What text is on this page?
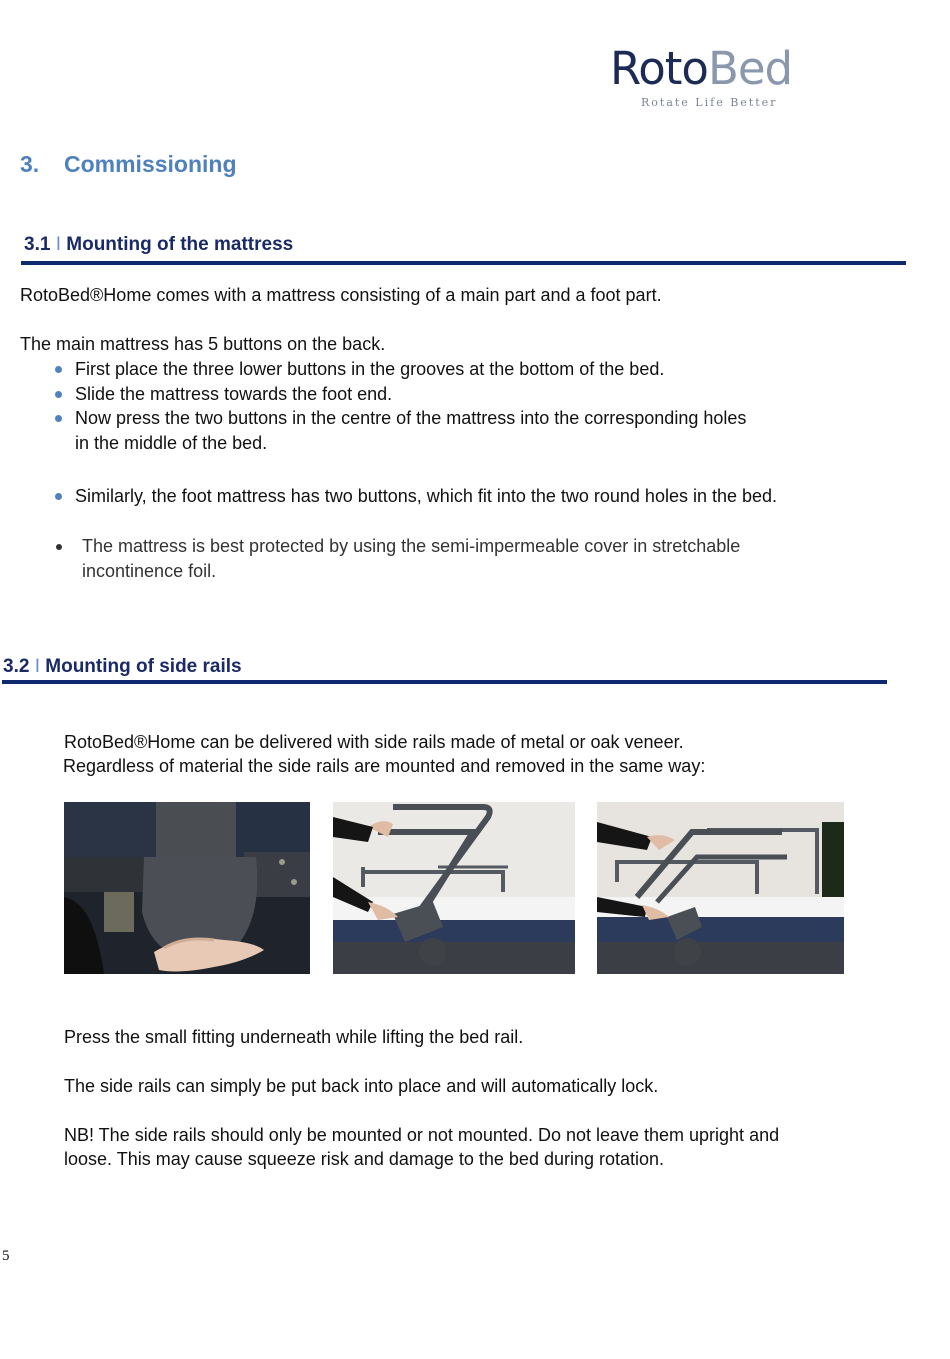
RotoBed
Rotate Life Better
3. Commissioning
3.1 I Mounting of the mattress
RotoBed®Home comes with a mattress consisting of a main part and a foot part.
The main mattress has 5 buttons on the back.
First place the three lower buttons in the grooves at the bottom of the bed.
Slide the mattress towards the foot end.
Now press the two buttons in the centre of the mattress into the corresponding holes
in the middle of the bed.
Similarly, the foot mattress has two buttons, which fit into the two round holes in the bed.
The mattress is best protected by using the semi-impermeable cover in stretchable
incontinence foil.
3.2 I Mounting of side rails
RotoBed®Home can be delivered with side rails made of metal or oak veneer.
Regardless of material the side rails are mounted and removed in the same way:
Press the small fitting underneath while lifting the bed rail.
The side rails can simply be put back into place and will automatically lock.
NB! The side rails should only be mounted or not mounted. Do not leave them upright and
loose. This may cause squeeze risk and damage to the bed during rotation.
5
